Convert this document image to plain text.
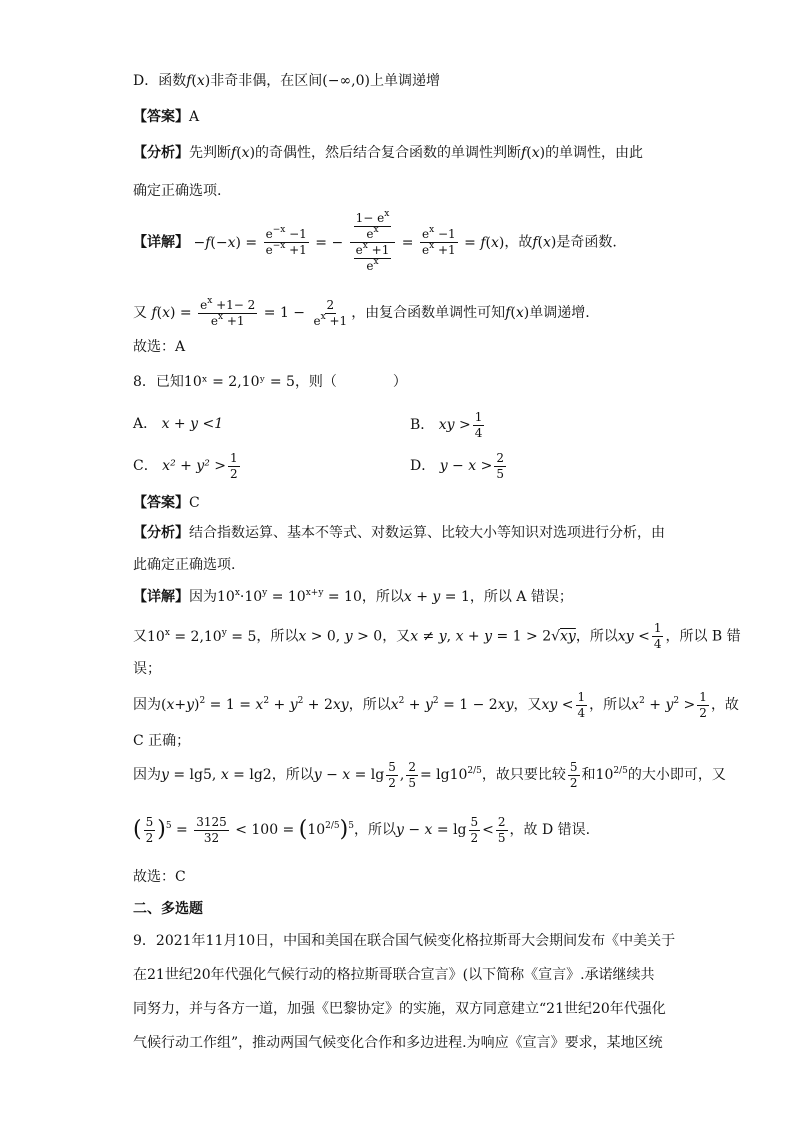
D．函数f(x)非奇非偶，在区间(−∞,0)上单调递增
【答案】A
【分析】先判断f(x)的奇偶性，然后结合复合函数的单调性判断f(x)的单调性，由此
确定正确选项.
【详解】 $-f(-x) = \frac{e^{-x} -1}{e^{-x} +1}$ = − $\frac{\frac{1- e^x}{e^x}}{\frac{e^x +1}{e^x}} = \frac{e^x -1}{e^x +1} = f(x)$，故f(x)是奇函数.
又 $f(x) = \frac{e^x +1- 2}{e^x +1} = 1 - \frac{2}{e^x +1}$ ，由复合函数单调性可知f(x)单调递增.
故选：A
8．已知10ˣ = 2,10ʸ = 5，则（　　　　）
A． x + y <1	B． xy > $\frac{1}{4}$
C． $x^2 + y^2 > \frac{1}{2}$	D． $y - x > \frac{2}{5}$
【答案】C
【分析】结合指数运算、基本不等式、对数运算、比较大小等知识对选项进行分析，由
此确定正确选项.
【详解】因为$10^x\cdot 10^y = 10^{x+y} = 10$，所以x + y = 1，所以 A 错误；
又$10^x = 2,10^y = 5$，所以x > 0, y > 0，又x ≠ y, x + y = 1 > 2√xy，所以xy < $\frac{1}{4}$ ，所以 B 错
误；
因为$(x+y)^2 = 1 = x^2 + y^2 + 2xy$，所以$x^2 + y^2 = 1 - 2xy$，又xy < $\frac{1}{4}$ ，所以$x^2 + y^2 > \frac{1}{2}$ ，故
C 正确；
因为y = lg5, x = lg2，所以$y - x = \lg \frac{5}{2}$ , $\frac{2}{5} = \lg 10^{2/5}$，故只要比较 $\frac{5}{2}$ 和$10^{2/5}$的大小即可，又
( $\frac{5}{2} )^5 = \frac{3125}{32} < 100 = (10^{2/5})^5$，所以$y - x = \lg \frac{5}{2} < \frac{2}{5}$ ，故 D 错误.
故选：C
二、多选题
9．2021年11月10日，中国和美国在联合国气候变化格拉斯哥大会期间发布《中美关于
在21世纪20年代强化气候行动的格拉斯哥联合宣言》(以下简称《宣言》.承诺继续共
同努力，并与各方一道，加强《巴黎协定》的实施，双方同意建立“21世纪20年代强化
气候行动工作组”，推动两国气候变化合作和多边进程.为响应《宣言》要求，某地区统
